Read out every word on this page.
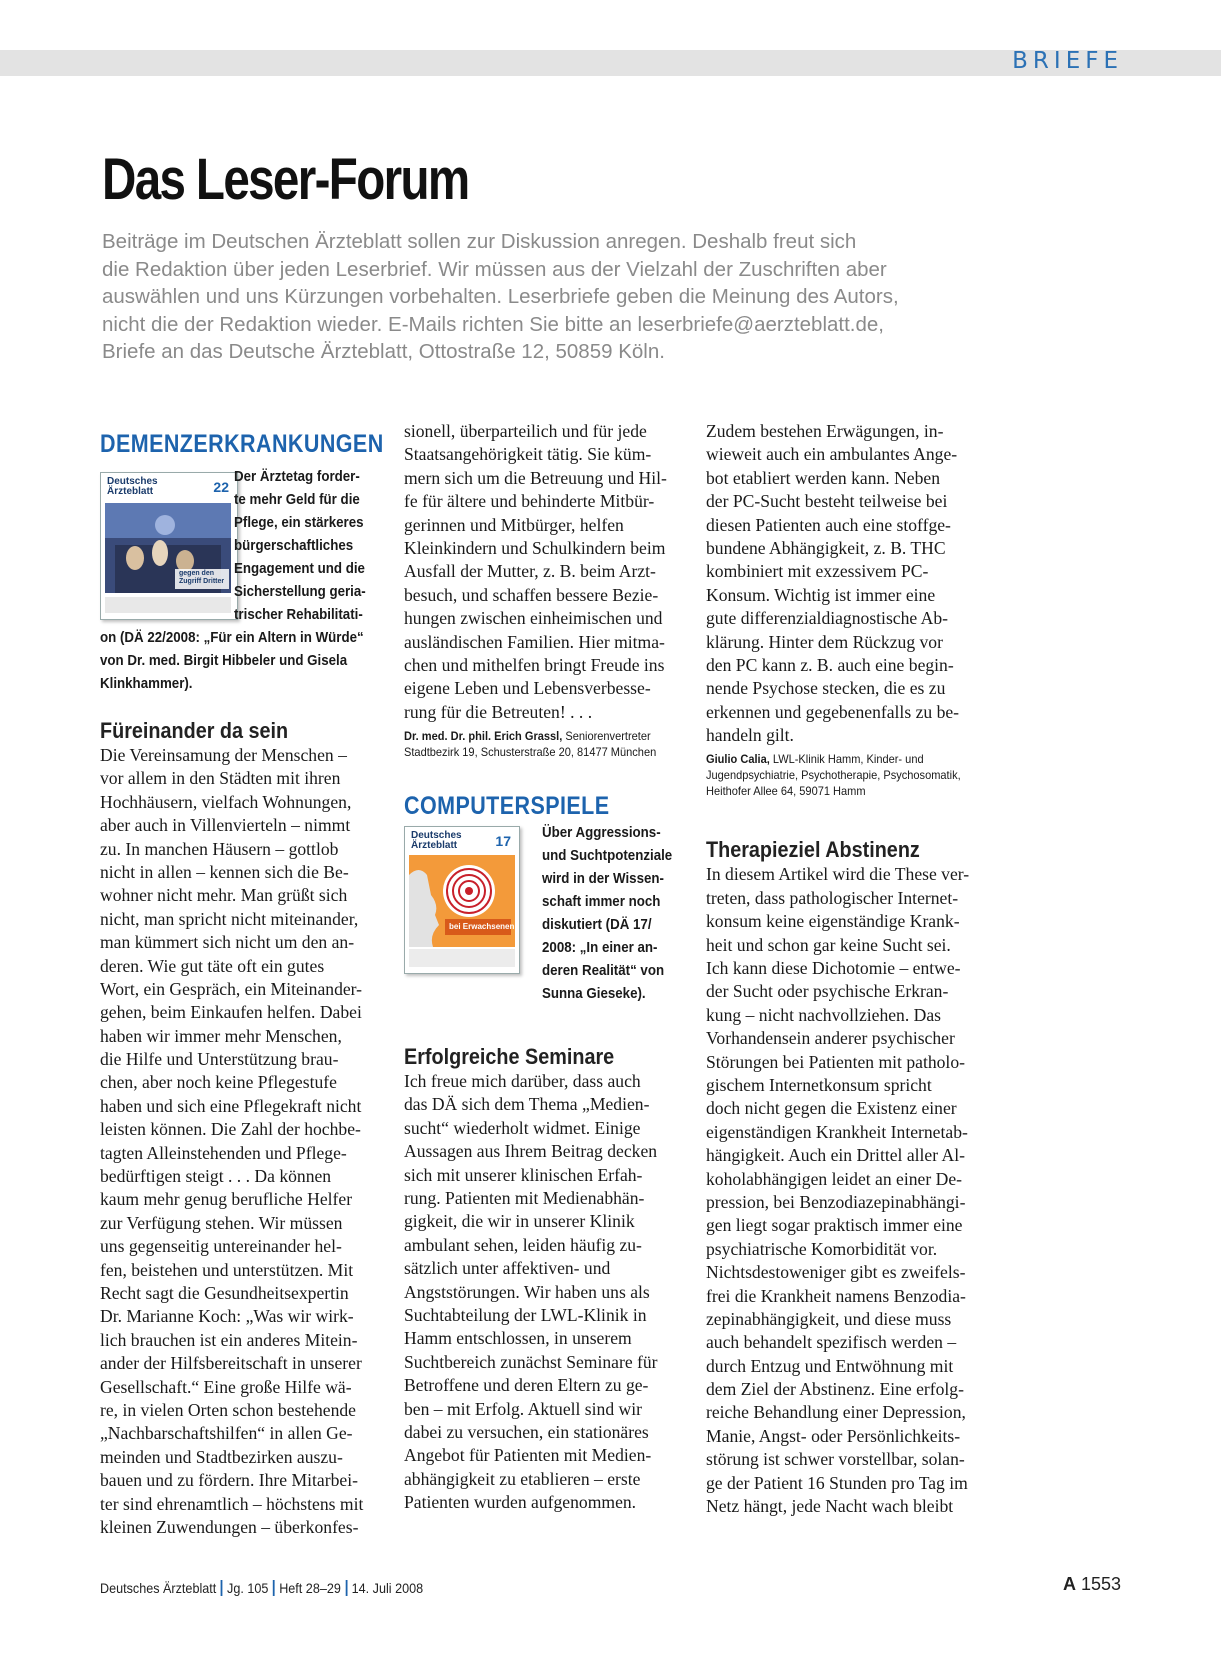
BRIEFE
Das Leser-Forum
Beiträge im Deutschen Ärzteblatt sollen zur Diskussion anregen. Deshalb freut sich
die Redaktion über jeden Leserbrief. Wir müssen aus der Vielzahl der Zuschriften aber
auswählen und uns Kürzungen vorbehalten. Leserbriefe geben die Meinung des Autors,
nicht die der Redaktion wieder. E-Mails richten Sie bitte an leserbriefe@aerzteblatt.de,
Briefe an das Deutsche Ärzteblatt, Ottostraße 12, 50859 Köln.
DEMENZERKRANKUNGEN
Deutsches
Ärzteblatt	22
gegen den Zugriff Dritter
Der Ärztetag forder-
te mehr Geld für die
Pflege, ein stärkeres
bürgerschaftliches
Engagement und die
Sicherstellung geria-
trischer Rehabilitati-
on (DÄ 22/2008: „Für ein Altern in Würde“
von Dr. med. Birgit Hibbeler und Gisela
Klinkhammer).
Füreinander da sein
Die Vereinsamung der Menschen –
vor allem in den Städten mit ihren
Hochhäusern, vielfach Wohnungen,
aber auch in Villenvierteln – nimmt
zu. In manchen Häusern – gottlob
nicht in allen – kennen sich die Be-
wohner nicht mehr. Man grüßt sich
nicht, man spricht nicht miteinander,
man kümmert sich nicht um den an-
deren. Wie gut täte oft ein gutes
Wort, ein Gespräch, ein Miteinander-
gehen, beim Einkaufen helfen. Dabei
haben wir immer mehr Menschen,
die Hilfe und Unterstützung brau-
chen, aber noch keine Pflegestufe
haben und sich eine Pflegekraft nicht
leisten können. Die Zahl der hochbe-
tagten Alleinstehenden und Pflege-
bedürftigen steigt . . . Da können
kaum mehr genug berufliche Helfer
zur Verfügung stehen. Wir müssen
uns gegenseitig untereinander hel-
fen, beistehen und unterstützen. Mit
Recht sagt die Gesundheitsexpertin
Dr. Marianne Koch: „Was wir wirk-
lich brauchen ist ein anderes Mitein-
ander der Hilfsbereitschaft in unserer
Gesellschaft.“ Eine große Hilfe wä-
re, in vielen Orten schon bestehende
„Nachbarschaftshilfen“ in allen Ge-
meinden und Stadtbezirken auszu-
bauen und zu fördern. Ihre Mitarbei-
ter sind ehrenamtlich – höchstens mit
kleinen Zuwendungen – überkonfes-
sionell, überparteilich und für jede
Staatsangehörigkeit tätig. Sie küm-
mern sich um die Betreuung und Hil-
fe für ältere und behinderte Mitbür-
gerinnen und Mitbürger, helfen
Kleinkindern und Schulkindern beim
Ausfall der Mutter, z. B. beim Arzt-
besuch, und schaffen bessere Bezie-
hungen zwischen einheimischen und
ausländischen Familien. Hier mitma-
chen und mithelfen bringt Freude ins
eigene Leben und Lebensverbesse-
rung für die Betreuten! . . .
Dr. med. Dr. phil. Erich Grassl, Seniorenvertreter
Stadtbezirk 19, Schusterstraße 20, 81477 München
COMPUTERSPIELE
Deutsches
Ärzteblatt	17
bei Erwachsenen
Über Aggressions-
und Suchtpotenziale
wird in der Wissen-
schaft immer noch
diskutiert (DÄ 17/
2008: „In einer an-
deren Realität“ von
Sunna Gieseke).
Erfolgreiche Seminare
Ich freue mich darüber, dass auch
das DÄ sich dem Thema „Medien-
sucht“ wiederholt widmet. Einige
Aussagen aus Ihrem Beitrag decken
sich mit unserer klinischen Erfah-
rung. Patienten mit Medienabhän-
gigkeit, die wir in unserer Klinik
ambulant sehen, leiden häufig zu-
sätzlich unter affektiven- und
Angststörungen. Wir haben uns als
Suchtabteilung der LWL-Klinik in
Hamm entschlossen, in unserem
Suchtbereich zunächst Seminare für
Betroffene und deren Eltern zu ge-
ben – mit Erfolg. Aktuell sind wir
dabei zu versuchen, ein stationäres
Angebot für Patienten mit Medien-
abhängigkeit zu etablieren – erste
Patienten wurden aufgenommen.
Zudem bestehen Erwägungen, in-
wieweit auch ein ambulantes Ange-
bot etabliert werden kann. Neben
der PC-Sucht besteht teilweise bei
diesen Patienten auch eine stoffge-
bundene Abhängigkeit, z. B. THC
kombiniert mit exzessivem PC-
Konsum. Wichtig ist immer eine
gute differenzialdiagnostische Ab-
klärung. Hinter dem Rückzug vor
den PC kann z. B. auch eine begin-
nende Psychose stecken, die es zu
erkennen und gegebenenfalls zu be-
handeln gilt.
Giulio Calia, LWL-Klinik Hamm, Kinder- und
Jugendpsychiatrie, Psychotherapie, Psychosomatik,
Heithofer Allee 64, 59071 Hamm
Therapieziel Abstinenz
In diesem Artikel wird die These ver-
treten, dass pathologischer Internet-
konsum keine eigenständige Krank-
heit und schon gar keine Sucht sei.
Ich kann diese Dichotomie – entwe-
der Sucht oder psychische Erkran-
kung – nicht nachvollziehen. Das
Vorhandensein anderer psychischer
Störungen bei Patienten mit patholo-
gischem Internetkonsum spricht
doch nicht gegen die Existenz einer
eigenständigen Krankheit Internetab-
hängigkeit. Auch ein Drittel aller Al-
koholabhängigen leidet an einer De-
pression, bei Benzodiazepinabhängi-
gen liegt sogar praktisch immer eine
psychiatrische Komorbidität vor.
Nichtsdestoweniger gibt es zweifels-
frei die Krankheit namens Benzodia-
zepinabhängigkeit, und diese muss
auch behandelt spezifisch werden –
durch Entzug und Entwöhnung mit
dem Ziel der Abstinenz. Eine erfolg-
reiche Behandlung einer Depression,
Manie, Angst- oder Persönlichkeits-
störung ist schwer vorstellbar, solan-
ge der Patient 16 Stunden pro Tag im
Netz hängt, jede Nacht wach bleibt
Deutsches Ärzteblatt Jg. 105 Heft 28–29 14. Juli 2008	A 1553
